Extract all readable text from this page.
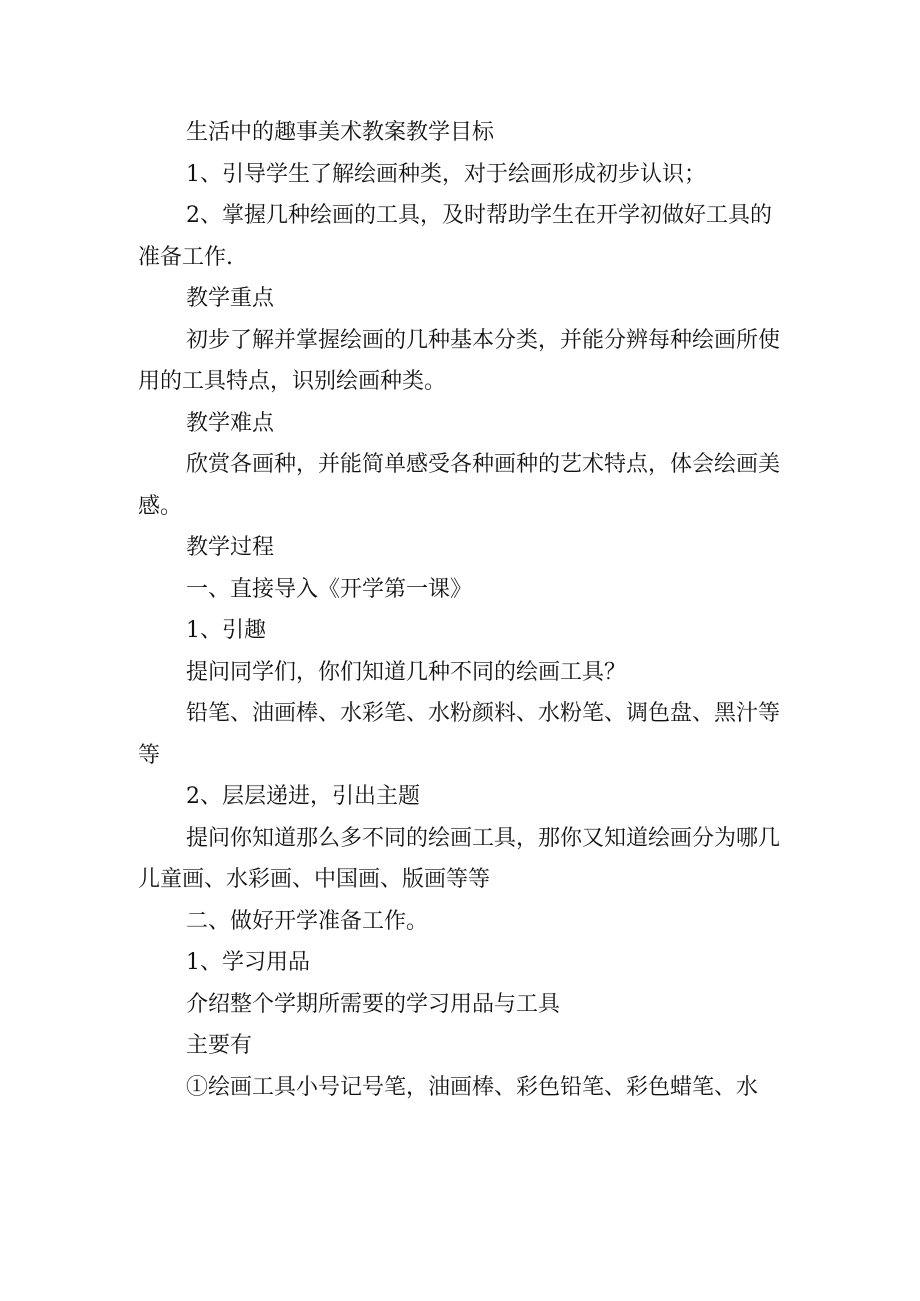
生活中的趣事美术教案教学目标

1、引导学生了解绘画种类，对于绘画形成初步认识；

2、掌握几种绘画的工具，及时帮助学生在开学初做好工具的准备工作.

教学重点

初步了解并掌握绘画的几种基本分类，并能分辨每种绘画所使用的工具特点，识别绘画种类。

教学难点

欣赏各画种，并能简单感受各种画种的艺术特点，体会绘画美感。

教学过程

一、直接导入《开学第一课》

1、引趣

提问同学们，你们知道几种不同的绘画工具？

铅笔、油画棒、水彩笔、水粉颜料、水粉笔、调色盘、黑汁等等

2、层层递进，引出主题

提问你知道那么多不同的绘画工具，那你又知道绘画分为哪几儿童画、水彩画、中国画、版画等等

二、做好开学准备工作。

1、学习用品

介绍整个学期所需要的学习用品与工具

主要有

①绘画工具小号记号笔，油画棒、彩色铅笔、彩色蜡笔、水
